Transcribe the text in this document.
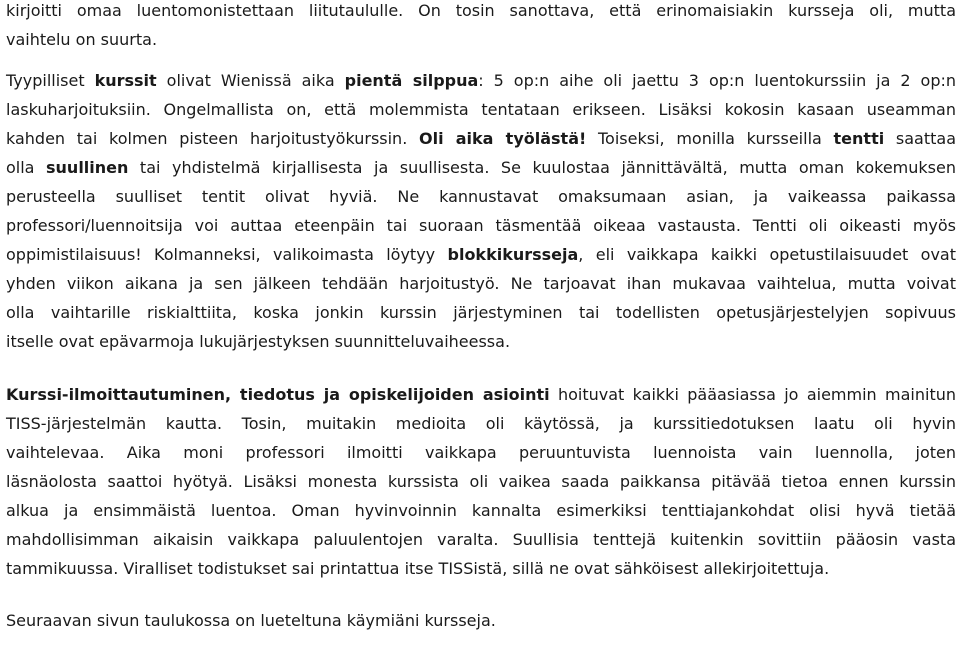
kirjoitti omaa luentomonistettaan liitutaululle. On tosin sanottava, että erinomaisiakin kursseja oli, mutta
vaihtelu on suurta.
Tyypilliset kurssit olivat Wienissä aika pientä silppua: 5 op:n aihe oli jaettu 3 op:n luentokurssiin ja 2 op:n
laskuharjoituksiin. Ongelmallista on, että molemmista tentataan erikseen. Lisäksi kokosin kasaan useamman
kahden tai kolmen pisteen harjoitustyökurssin. Oli aika työlästä! Toiseksi, monilla kursseilla tentti saattaa
olla suullinen tai yhdistelmä kirjallisesta ja suullisesta. Se kuulostaa jännittävältä, mutta oman kokemuksen
perusteella suulliset tentit olivat hyviä. Ne kannustavat omaksumaan asian, ja vaikeassa paikassa
professori/luennoitsija voi auttaa eteenpäin tai suoraan täsmentää oikeaa vastausta. Tentti oli oikeasti myös
oppimistilaisuus! Kolmanneksi, valikoimasta löytyy blokkikursseja, eli vaikkapa kaikki opetustilaisuudet ovat
yhden viikon aikana ja sen jälkeen tehdään harjoitustyö. Ne tarjoavat ihan mukavaa vaihtelua, mutta voivat
olla vaihtarille riskialttiita, koska jonkin kurssin järjestyminen tai todellisten opetusjärjestelyjen sopivuus
itselle ovat epävarmoja lukujärjestyksen suunnitteluvaiheessa.
Kurssi-ilmoittautuminen, tiedotus ja opiskelijoiden asiointi hoituvat kaikki pääasiassa jo aiemmin mainitun
TISS-järjestelmän kautta. Tosin, muitakin medioita oli käytössä, ja kurssitiedotuksen laatu oli hyvin
vaihtelevaa. Aika moni professori ilmoitti vaikkapa peruuntuvista luennoista vain luennolla, joten
läsnäolosta saattoi hyötyä. Lisäksi monesta kurssista oli vaikea saada paikkansa pitävää tietoa ennen kurssin
alkua ja ensimmäistä luentoa. Oman hyvinvoinnin kannalta esimerkiksi tenttiajankohdat olisi hyvä tietää
mahdollisimman aikaisin vaikkapa paluulentojen varalta. Suullisia tenttejä kuitenkin sovittiin pääosin vasta
tammikuussa. Viralliset todistukset sai printattua itse TISSistä, sillä ne ovat sähköisest allekirjoitettuja.
Seuraavan sivun taulukossa on lueteltuna käymiäni kursseja.
